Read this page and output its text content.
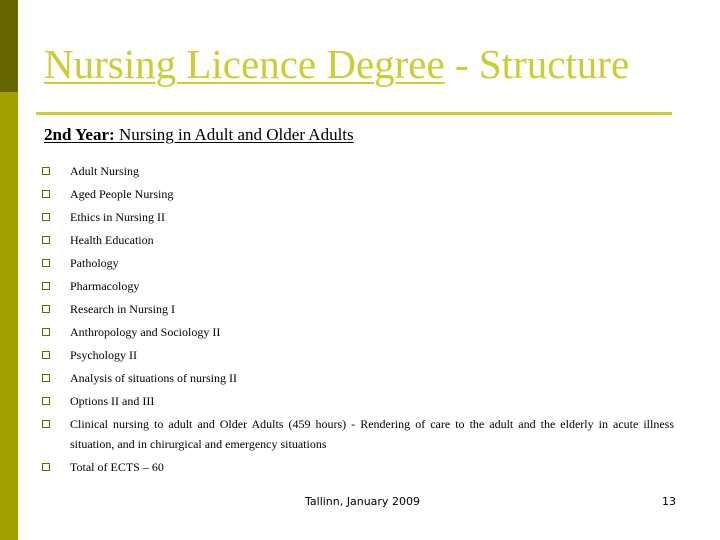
Nursing Licence Degree - Structure
2nd Year: Nursing in Adult and Older Adults
Adult Nursing
Aged People Nursing
Ethics in Nursing II
Health Education
Pathology
Pharmacology
Research in Nursing I
Anthropology and Sociology II
Psychology II
Analysis of situations of nursing II
Options II and III
Clinical nursing to adult and Older Adults (459 hours) - Rendering of care to the adult and the elderly in acute illness situation, and in chirurgical and emergency situations
Total of ECTS – 60
Tallinn, January 2009	13
